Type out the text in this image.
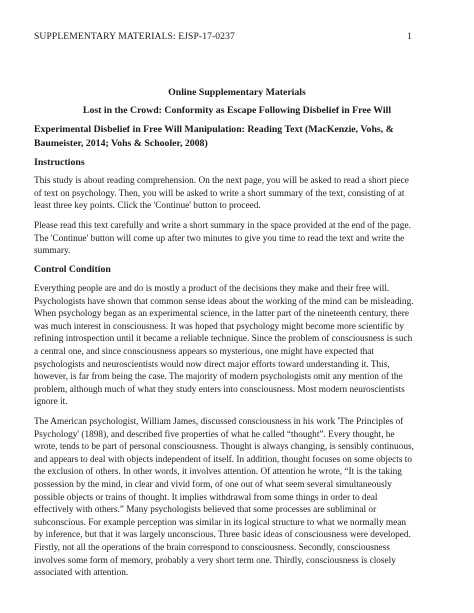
SUPPLEMENTARY MATERIALS: EJSP-17-0237	1
Online Supplementary Materials
Lost in the Crowd: Conformity as Escape Following Disbelief in Free Will
Experimental Disbelief in Free Will Manipulation: Reading Text (MacKenzie, Vohs, & Baumeister, 2014; Vohs & Schooler, 2008)
Instructions

This study is about reading comprehension. On the next page, you will be asked to read a short piece of text on psychology. Then, you will be asked to write a short summary of the text, consisting of at least three key points. Click the 'Continue' button to proceed.

Please read this text carefully and write a short summary in the space provided at the end of the page. The 'Continue' button will come up after two minutes to give you time to read the text and write the summary.

Control Condition

Everything people are and do is mostly a product of the decisions they make and their free will. Psychologists have shown that common sense ideas about the working of the mind can be misleading. When psychology began as an experimental science, in the latter part of the nineteenth century, there was much interest in consciousness. It was hoped that psychology might become more scientific by refining introspection until it became a reliable technique. Since the problem of consciousness is such a central one, and since consciousness appears so mysterious, one might have expected that psychologists and neuroscientists would now direct major efforts toward understanding it. This, however, is far from being the case. The majority of modern psychologists omit any mention of the problem, although much of what they study enters into consciousness. Most modern neuroscientists ignore it.

The American psychologist, William James, discussed consciousness in his work 'The Principles of Psychology' (1898), and described five properties of what he called “thought”. Every thought, he wrote, tends to be part of personal consciousness. Thought is always changing, is sensibly continuous, and appears to deal with objects independent of itself. In addition, thought focuses on some objects to the exclusion of others. In other words, it involves attention. Of attention he wrote, “It is the taking possession by the mind, in clear and vivid form, of one out of what seem several simultaneously possible objects or trains of thought. It implies withdrawal from some things in order to deal effectively with others.” Many psychologists believed that some processes are subliminal or subconscious. For example perception was similar in its logical structure to what we normally mean by inference, but that it was largely unconscious. Three basic ideas of consciousness were developed. Firstly, not all the operations of the brain correspond to consciousness. Secondly, consciousness involves some form of memory, probably a very short term one. Thirdly, consciousness is closely associated with attention.
